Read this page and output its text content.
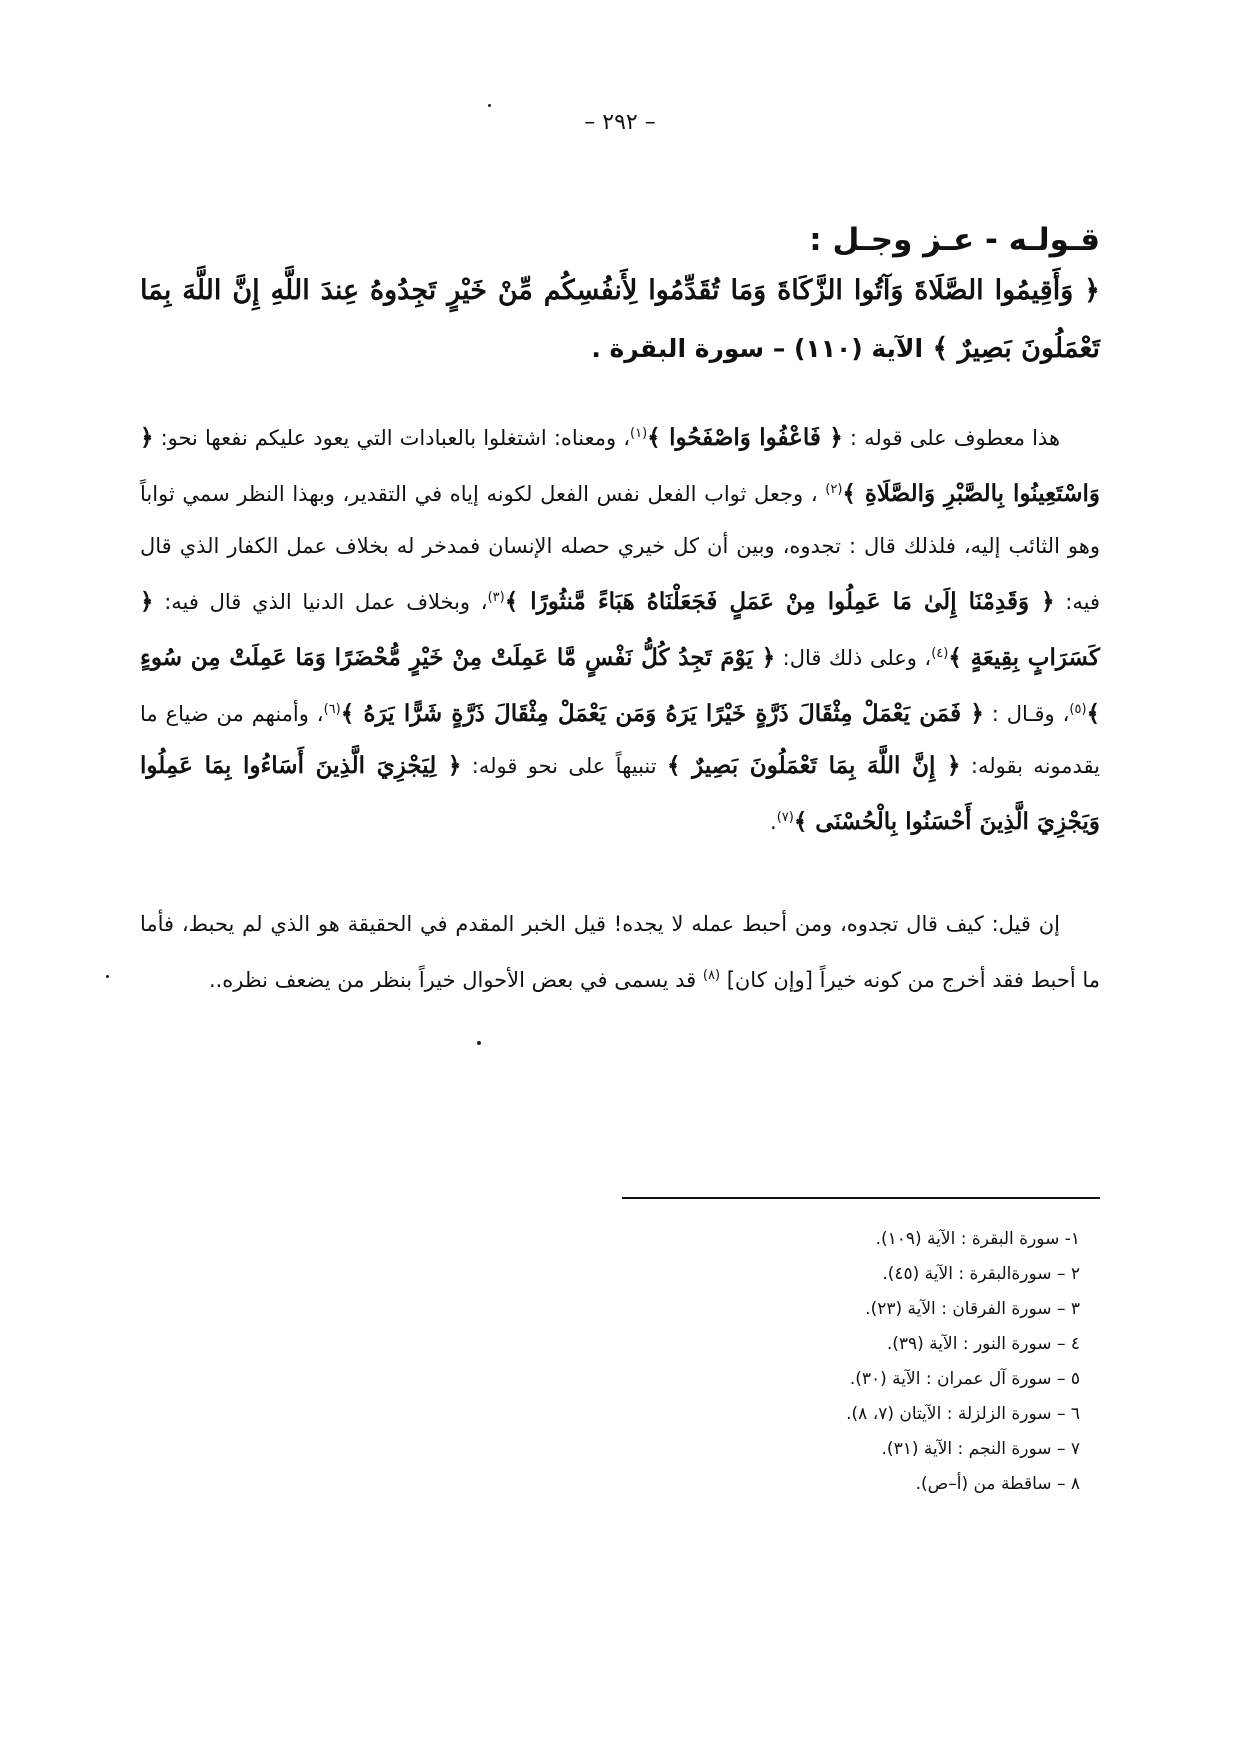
– ٢٩٢ –
قـولـه - عـز وجـل :
﴿ وَأَقِيمُوا الصَّلَاةَ وَآتُوا الزَّكَاةَ وَمَا تُقَدِّمُوا لِأَنفُسِكُم مِّنْ خَيْرٍ تَجِدُوهُ عِندَ اللَّهِ إِنَّ اللَّهَ بِمَا تَعْمَلُونَ بَصِيرٌ ﴾ الآية (١١٠) – سورة البقرة .
هذا معطوف على قوله : ﴿ فَاعْفُوا وَاصْفَحُوا ﴾$^{(١)}$، ومعناه: اشتغلوا بالعبادات التي يعود عليكم نفعها نحو: ﴿ وَاسْتَعِينُوا بِالصَّبْرِ وَالصَّلَاةِ ﴾$^{(٢)}$ ، وجعل ثواب الفعل نفس الفعل لكونه إياه في التقدير، وبهذا النظر سمي ثواباً وهو الثائب إليه، فلذلك قال : تجدوه، وبين أن كل خيري حصله الإنسان فمدخر له بخلاف عمل الكفار الذي قال فيه: ﴿ وَقَدِمْنَا إِلَىٰ مَا عَمِلُوا مِنْ عَمَلٍ فَجَعَلْنَاهُ هَبَاءً مَّنثُورًا ﴾$^{(٣)}$، وبخلاف عمل الدنيا الذي قال فيه: ﴿ كَسَرَابٍ بِقِيعَةٍ ﴾$^{(٤)}$، وعلى ذلك قال: ﴿ يَوْمَ تَجِدُ كُلُّ نَفْسٍ مَّا عَمِلَتْ مِنْ خَيْرٍ مُّحْضَرًا وَمَا عَمِلَتْ مِن سُوءٍ ﴾$^{(٥)}$، وقـال : ﴿ فَمَن يَعْمَلْ مِثْقَالَ ذَرَّةٍ خَيْرًا يَرَهُ وَمَن يَعْمَلْ مِثْقَالَ ذَرَّةٍ شَرًّا يَرَهُ ﴾$^{(٦)}$، وأمنهم من ضياع ما يقدمونه بقوله: ﴿ إِنَّ اللَّهَ بِمَا تَعْمَلُونَ بَصِيرٌ ﴾ تنبيهاً على نحو قوله: ﴿ لِيَجْزِيَ الَّذِينَ أَسَاءُوا بِمَا عَمِلُوا وَيَجْزِيَ الَّذِينَ أَحْسَنُوا بِالْحُسْنَى ﴾$^{(٧)}$.
إن قيل: كيف قال تجدوه، ومن أحبط عمله لا يجده! قيل الخبر المقدم في الحقيقة هو الذي لم يحبط، فأما ما أحبط فقد أخرج من كونه خيراً [وإن كان] $^{(٨)}$ قد يسمى في بعض الأحوال خيراً بنظر من يضعف نظره..
١- سورة البقرة : الآية (١٠٩).
٢ – سورةالبقرة : الآية (٤٥).
٣ – سورة الفرقان : الآية (٢٣).
٤ – سورة النور : الآية (٣٩).
٥ – سورة آل عمران : الآية (٣٠).
٦ – سورة الزلزلة : الآيتان (٧، ٨).
٧ – سورة النجم : الآية (٣١).
٨ – ساقطة من (أ–ص).
